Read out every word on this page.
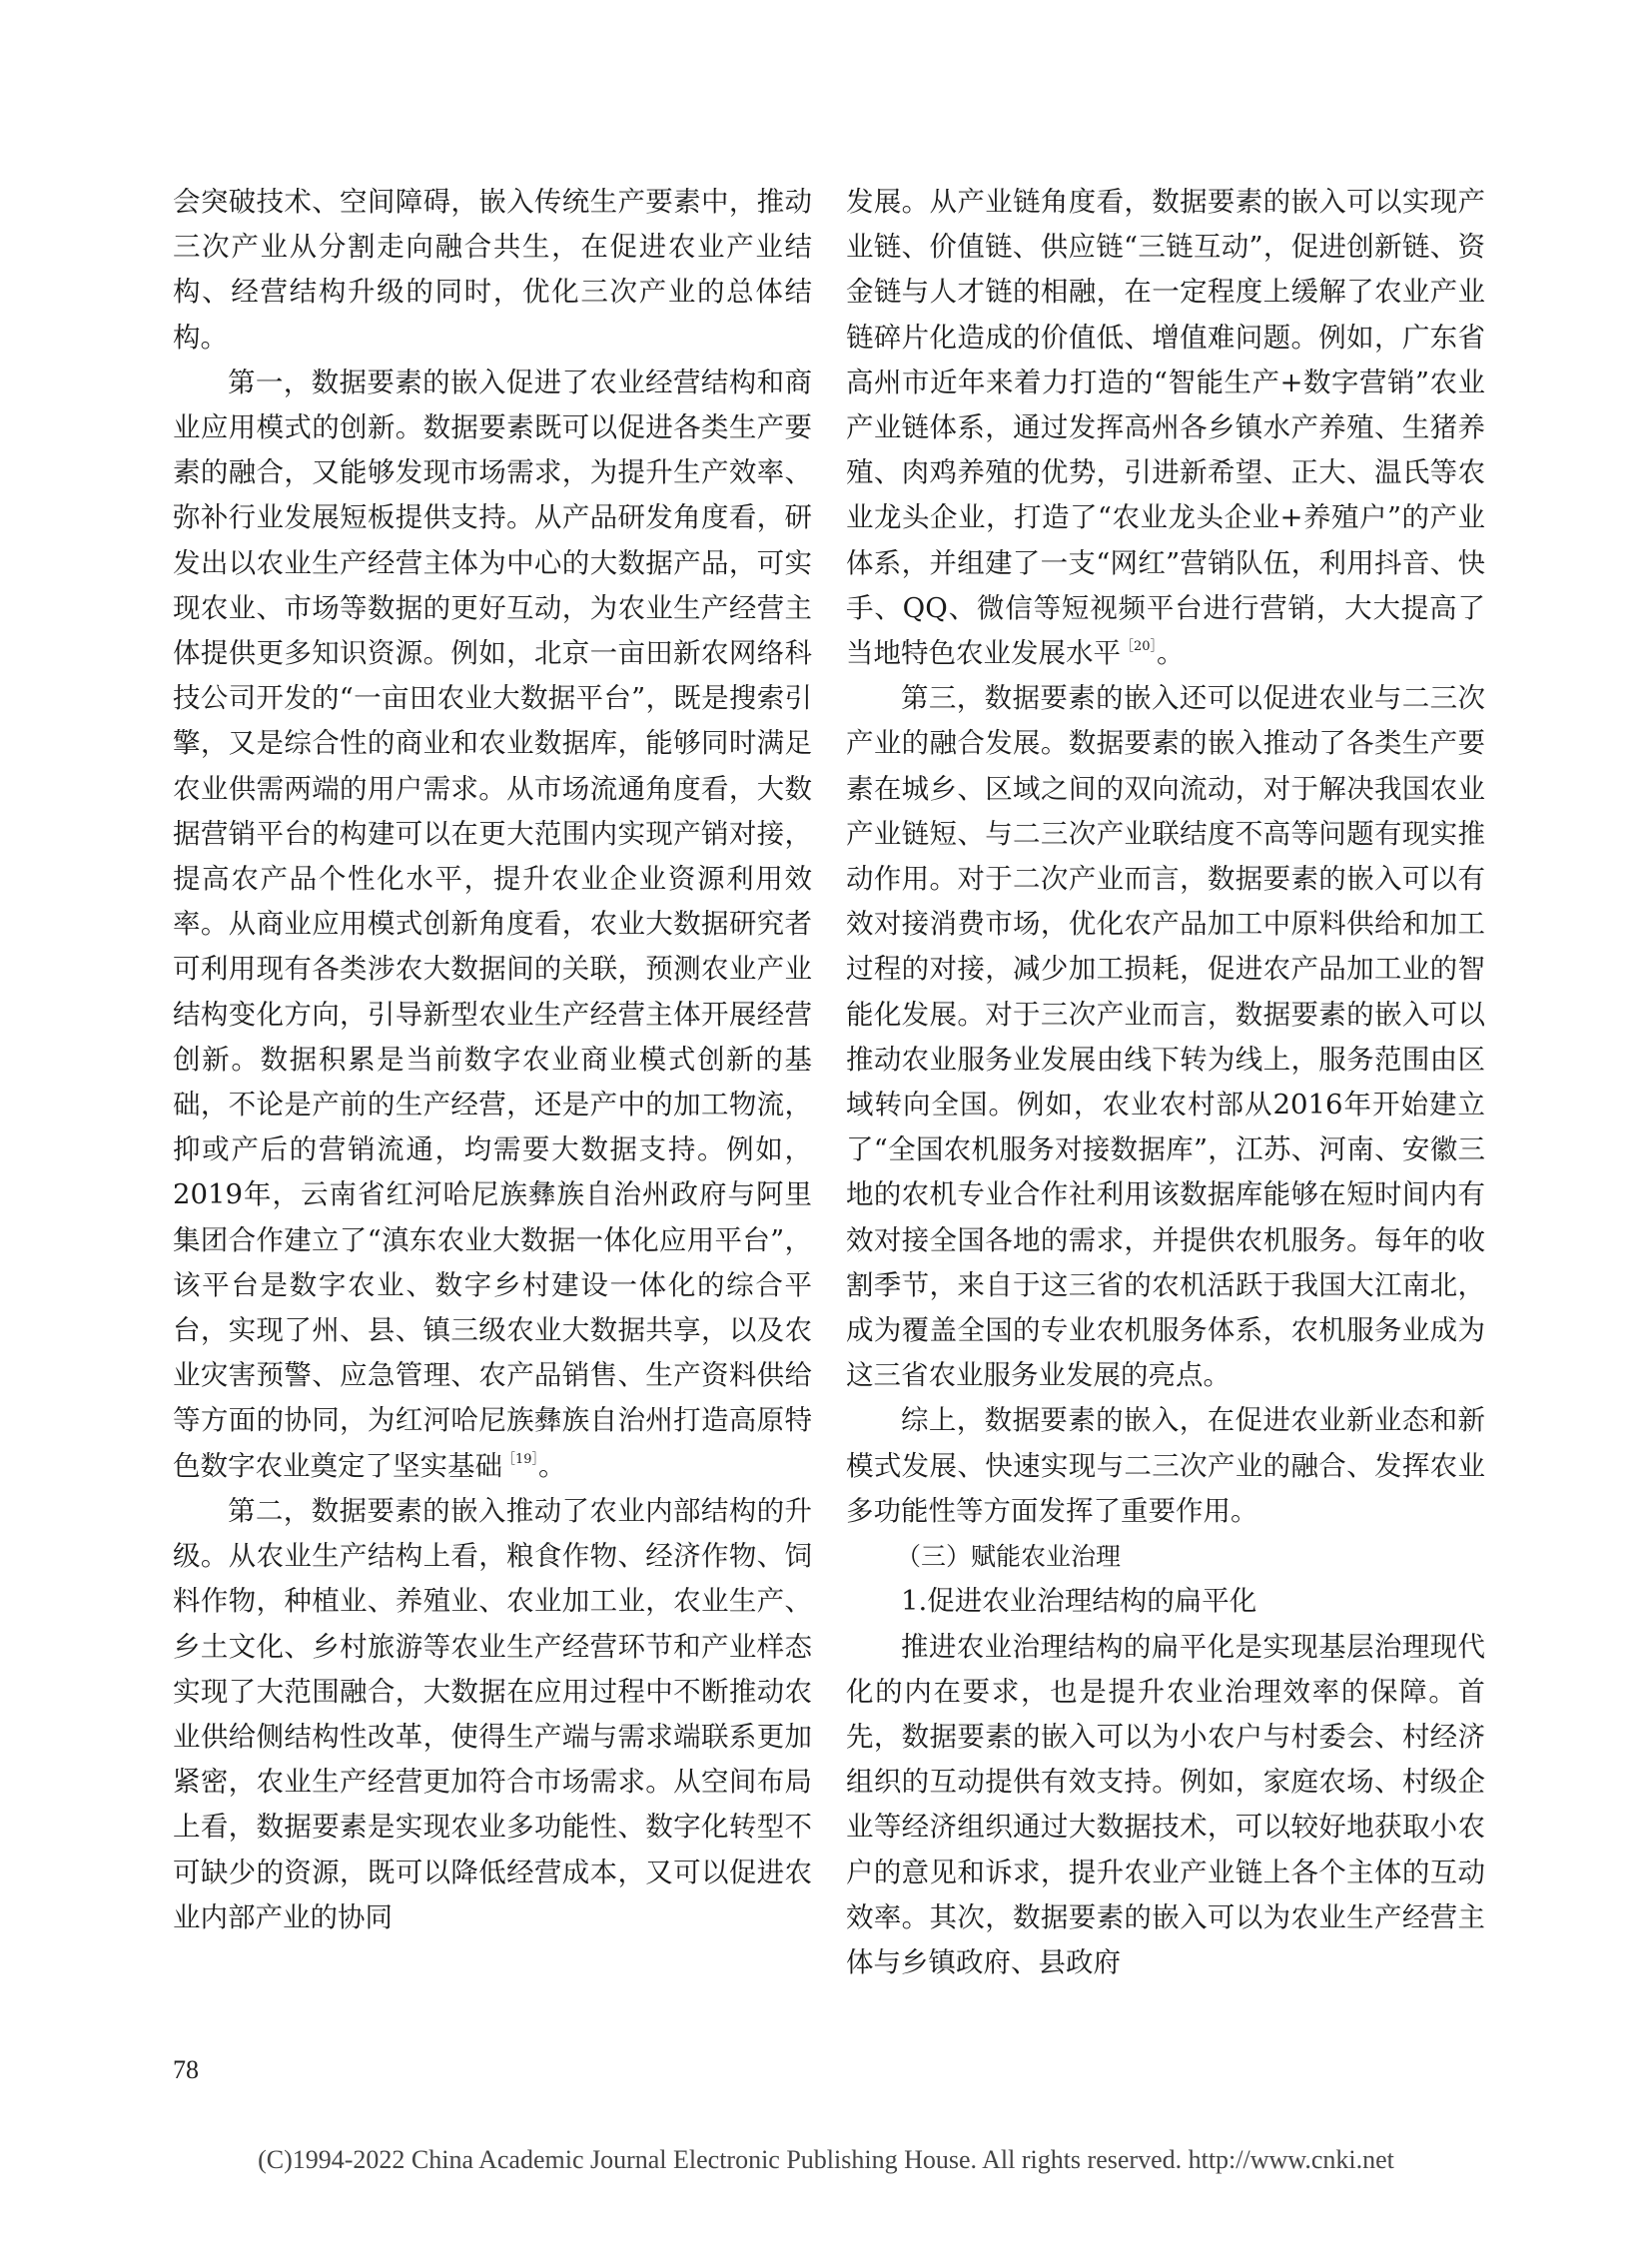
会突破技术、空间障碍，嵌入传统生产要素中，推动三次产业从分割走向融合共生，在促进农业产业结构、经营结构升级的同时，优化三次产业的总体结构。

第一，数据要素的嵌入促进了农业经营结构和商业应用模式的创新。数据要素既可以促进各类生产要素的融合，又能够发现市场需求，为提升生产效率、弥补行业发展短板提供支持。从产品研发角度看，研发出以农业生产经营主体为中心的大数据产品，可实现农业、市场等数据的更好互动，为农业生产经营主体提供更多知识资源。例如，北京一亩田新农网络科技公司开发的“一亩田农业大数据平台”，既是搜索引擎，又是综合性的商业和农业数据库，能够同时满足农业供需两端的用户需求。从市场流通角度看，大数据营销平台的构建可以在更大范围内实现产销对接，提高农产品个性化水平，提升农业企业资源利用效率。从商业应用模式创新角度看，农业大数据研究者可利用现有各类涉农大数据间的关联，预测农业产业结构变化方向，引导新型农业生产经营主体开展经营创新。数据积累是当前数字农业商业模式创新的基础，不论是产前的生产经营，还是产中的加工物流，抑或产后的营销流通，均需要大数据支持。例如，2019年，云南省红河哈尼族彝族自治州政府与阿里集团合作建立了“滇东农业大数据一体化应用平台”，该平台是数字农业、数字乡村建设一体化的综合平台，实现了州、县、镇三级农业大数据共享，以及农业灾害预警、应急管理、农产品销售、生产资料供给等方面的协同，为红河哈尼族彝族自治州打造高原特色数字农业奠定了坚实基础$^{[19]}$。

第二，数据要素的嵌入推动了农业内部结构的升级。从农业生产结构上看，粮食作物、经济作物、饲料作物，种植业、养殖业、农业加工业，农业生产、乡土文化、乡村旅游等农业生产经营环节和产业样态实现了大范围融合，大数据在应用过程中不断推动农业供给侧结构性改革，使得生产端与需求端联系更加紧密，农业生产经营更加符合市场需求。从空间布局上看，数据要素是实现农业多功能性、数字化转型不可缺少的资源，既可以降低经营成本，又可以促进农业内部产业的协同

发展。从产业链角度看，数据要素的嵌入可以实现产业链、价值链、供应链“三链互动”，促进创新链、资金链与人才链的相融，在一定程度上缓解了农业产业链碎片化造成的价值低、增值难问题。例如，广东省高州市近年来着力打造的“智能生产+数字营销”农业产业链体系，通过发挥高州各乡镇水产养殖、生猪养殖、肉鸡养殖的优势，引进新希望、正大、温氏等农业龙头企业，打造了“农业龙头企业+养殖户”的产业体系，并组建了一支“网红”营销队伍，利用抖音、快手、QQ、微信等短视频平台进行营销，大大提高了当地特色农业发展水平$^{[20]}$。

第三，数据要素的嵌入还可以促进农业与二三次产业的融合发展。数据要素的嵌入推动了各类生产要素在城乡、区域之间的双向流动，对于解决我国农业产业链短、与二三次产业联结度不高等问题有现实推动作用。对于二次产业而言，数据要素的嵌入可以有效对接消费市场，优化农产品加工中原料供给和加工过程的对接，减少加工损耗，促进农产品加工业的智能化发展。对于三次产业而言，数据要素的嵌入可以推动农业服务业发展由线下转为线上，服务范围由区域转向全国。例如，农业农村部从2016年开始建立了“全国农机服务对接数据库”，江苏、河南、安徽三地的农机专业合作社利用该数据库能够在短时间内有效对接全国各地的需求，并提供农机服务。每年的收割季节，来自于这三省的农机活跃于我国大江南北，成为覆盖全国的专业农机服务体系，农机服务业成为这三省农业服务业发展的亮点。

综上，数据要素的嵌入，在促进农业新业态和新模式发展、快速实现与二三次产业的融合、发挥农业多功能性等方面发挥了重要作用。

（三）赋能农业治理

1.促进农业治理结构的扁平化

推进农业治理结构的扁平化是实现基层治理现代化的内在要求，也是提升农业治理效率的保障。首先，数据要素的嵌入可以为小农户与村委会、村经济组织的互动提供有效支持。例如，家庭农场、村级企业等经济组织通过大数据技术，可以较好地获取小农户的意见和诉求，提升农业产业链上各个主体的互动效率。其次，数据要素的嵌入可以为农业生产经营主体与乡镇政府、县政府

78
(C)1994-2022 China Academic Journal Electronic Publishing House. All rights reserved. http://www.cnki.net
